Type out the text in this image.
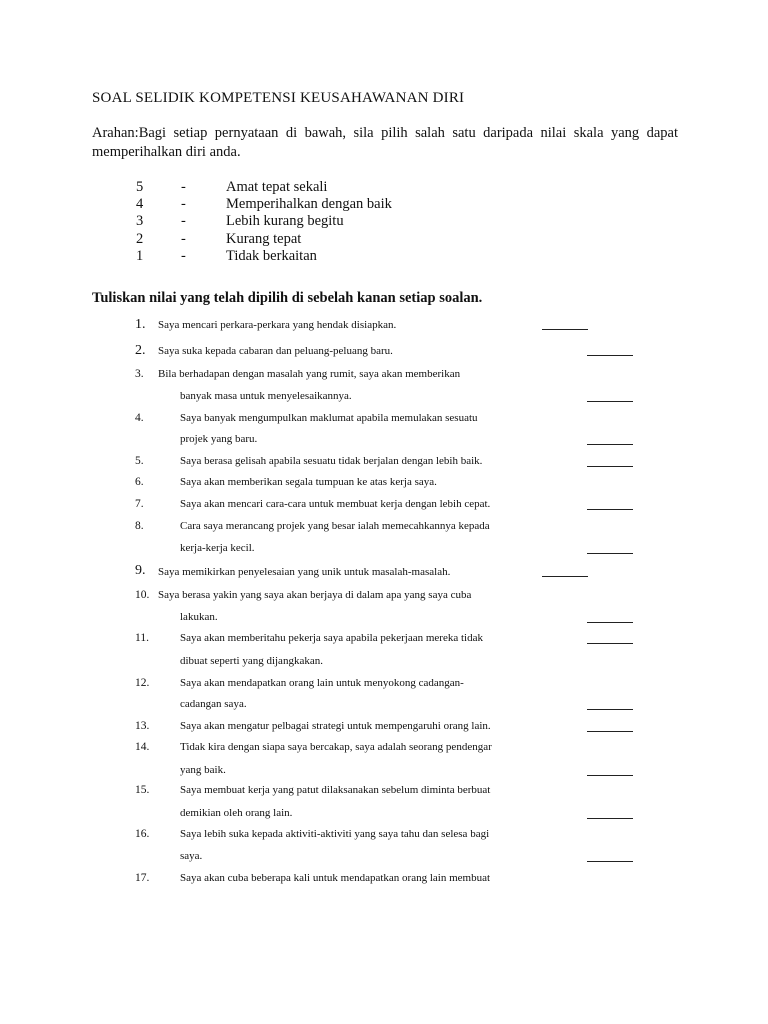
SOAL SELIDIK KOMPETENSI KEUSAHAWANAN DIRI
Arahan:Bagi setiap pernyataan di bawah, sila pilih salah satu daripada nilai skala yang dapat memperihalkan diri anda.
5	-	Amat tepat sekali
4	-	Memperihalkan dengan baik
3	-	Lebih kurang begitu
2	-	Kurang tepat
1	-	Tidak berkaitan
Tuliskan nilai yang telah dipilih di sebelah kanan setiap soalan.
1. Saya mencari perkara-perkara yang hendak disiapkan.
2. Saya suka kepada cabaran dan peluang-peluang baru.
3. Bila berhadapan dengan masalah yang rumit, saya akan memberikan
banyak masa untuk menyelesaikannya.
4.	Saya banyak mengumpulkan maklumat apabila memulakan sesuatu
projek yang baru.
5.	Saya berasa gelisah apabila sesuatu tidak berjalan dengan lebih baik.
6.	Saya akan memberikan segala tumpuan ke atas kerja saya.
7.	Saya akan mencari cara-cara untuk membuat kerja dengan lebih cepat.
8.	Cara saya merancang projek yang besar ialah memecahkannya kepada
kerja-kerja kecil.
9. Saya memikirkan penyelesaian yang unik untuk masalah-masalah.
10. Saya berasa yakin yang saya akan berjaya di dalam apa yang saya cuba
lakukan.
11.	Saya akan memberitahu pekerja saya apabila pekerjaan mereka tidak
dibuat seperti yang dijangkakan.
12.	Saya akan mendapatkan orang lain untuk menyokong cadangan-
cadangan saya.
13.	Saya akan mengatur pelbagai strategi untuk mempengaruhi orang lain.
14.	Tidak kira dengan siapa saya bercakap, saya adalah seorang pendengar
yang baik.
15.	Saya membuat kerja yang patut dilaksanakan sebelum diminta berbuat
demikian oleh orang lain.
16.	Saya lebih suka kepada aktiviti-aktiviti yang saya tahu dan selesa bagi
saya.
17.	Saya akan cuba beberapa kali untuk mendapatkan orang lain membuat
